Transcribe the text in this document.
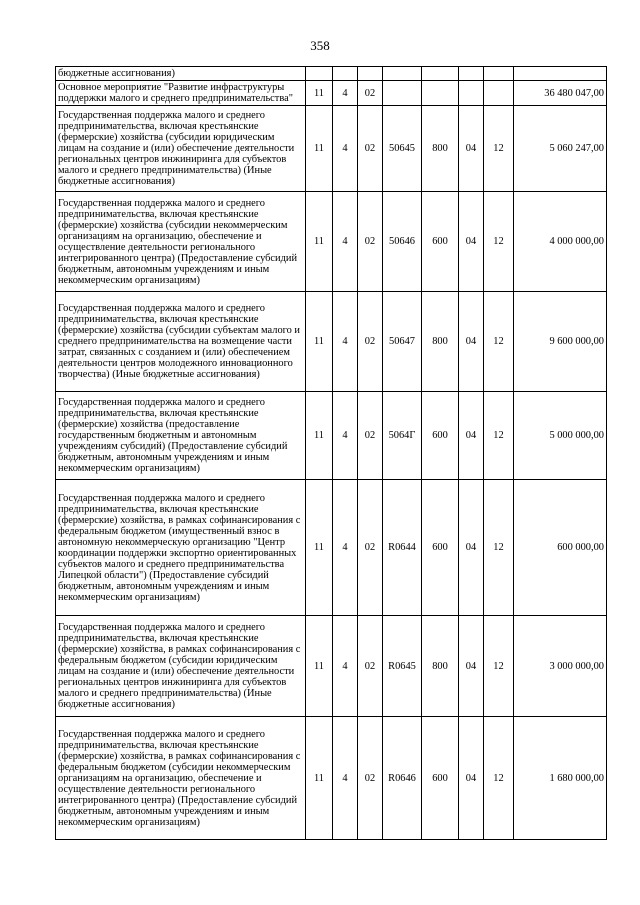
358
бюджетные ассигнования)								
Основное мероприятие "Развитие инфраструктуры поддержки малого и среднего предпринимательства"	11	4	02					36 480 047,00
Государственная поддержка малого и среднего предпринимательства, включая крестьянские (фермерские) хозяйства (субсидии юридическим лицам на создание и (или) обеспечение деятельности региональных центров инжиниринга для субъектов малого и среднего предпринимательства) (Иные бюджетные ассигнования)	11	4	02	50645	800	04	12	5 060 247,00
Государственная поддержка малого и среднего предпринимательства, включая крестьянские (фермерские) хозяйства (субсидии некоммерческим организациям на организацию, обеспечение и осуществление деятельности регионального интегрированного центра) (Предоставление субсидий бюджетным, автономным учреждениям и иным некоммерческим организациям)	11	4	02	50646	600	04	12	4 000 000,00
Государственная поддержка малого и среднего предпринимательства, включая крестьянские (фермерские) хозяйства (субсидии субъектам малого и среднего предпринимательства на возмещение части затрат, связанных с созданием и (или) обеспечением деятельности центров молодежного инновационного творчества) (Иные бюджетные ассигнования)	11	4	02	50647	800	04	12	9 600 000,00
Государственная поддержка малого и среднего предпринимательства, включая крестьянские (фермерские) хозяйства (предоставление государственным бюджетным и автономным учреждениям субсидий) (Предоставление субсидий бюджетным, автономным учреждениям и иным некоммерческим организациям)	11	4	02	5064Г	600	04	12	5 000 000,00
Государственная поддержка малого и среднего предпринимательства, включая крестьянские (фермерские) хозяйства, в рамках софинансирования с федеральным бюджетом (имущественный взнос в автономную некоммерческую организацию "Центр координации поддержки экспортно ориентированных субъектов малого и среднего предпринимательства Липецкой области") (Предоставление субсидий бюджетным, автономным учреждениям и иным некоммерческим организациям)	11	4	02	R0644	600	04	12	600 000,00
Государственная поддержка малого и среднего предпринимательства, включая крестьянские (фермерские) хозяйства, в рамках софинансирования с федеральным бюджетом (субсидии юридическим лицам на создание и (или) обеспечение деятельности региональных центров инжиниринга для субъектов малого и среднего предпринимательства) (Иные бюджетные ассигнования)	11	4	02	R0645	800	04	12	3 000 000,00
Государственная поддержка малого и среднего предпринимательства, включая крестьянские (фермерские) хозяйства, в рамках софинансирования с федеральным бюджетом (субсидии некоммерческим организациям на организацию, обеспечение и осуществление деятельности регионального интегрированного центра) (Предоставление субсидий бюджетным, автономным учреждениям и иным некоммерческим организациям)	11	4	02	R0646	600	04	12	1 680 000,00
